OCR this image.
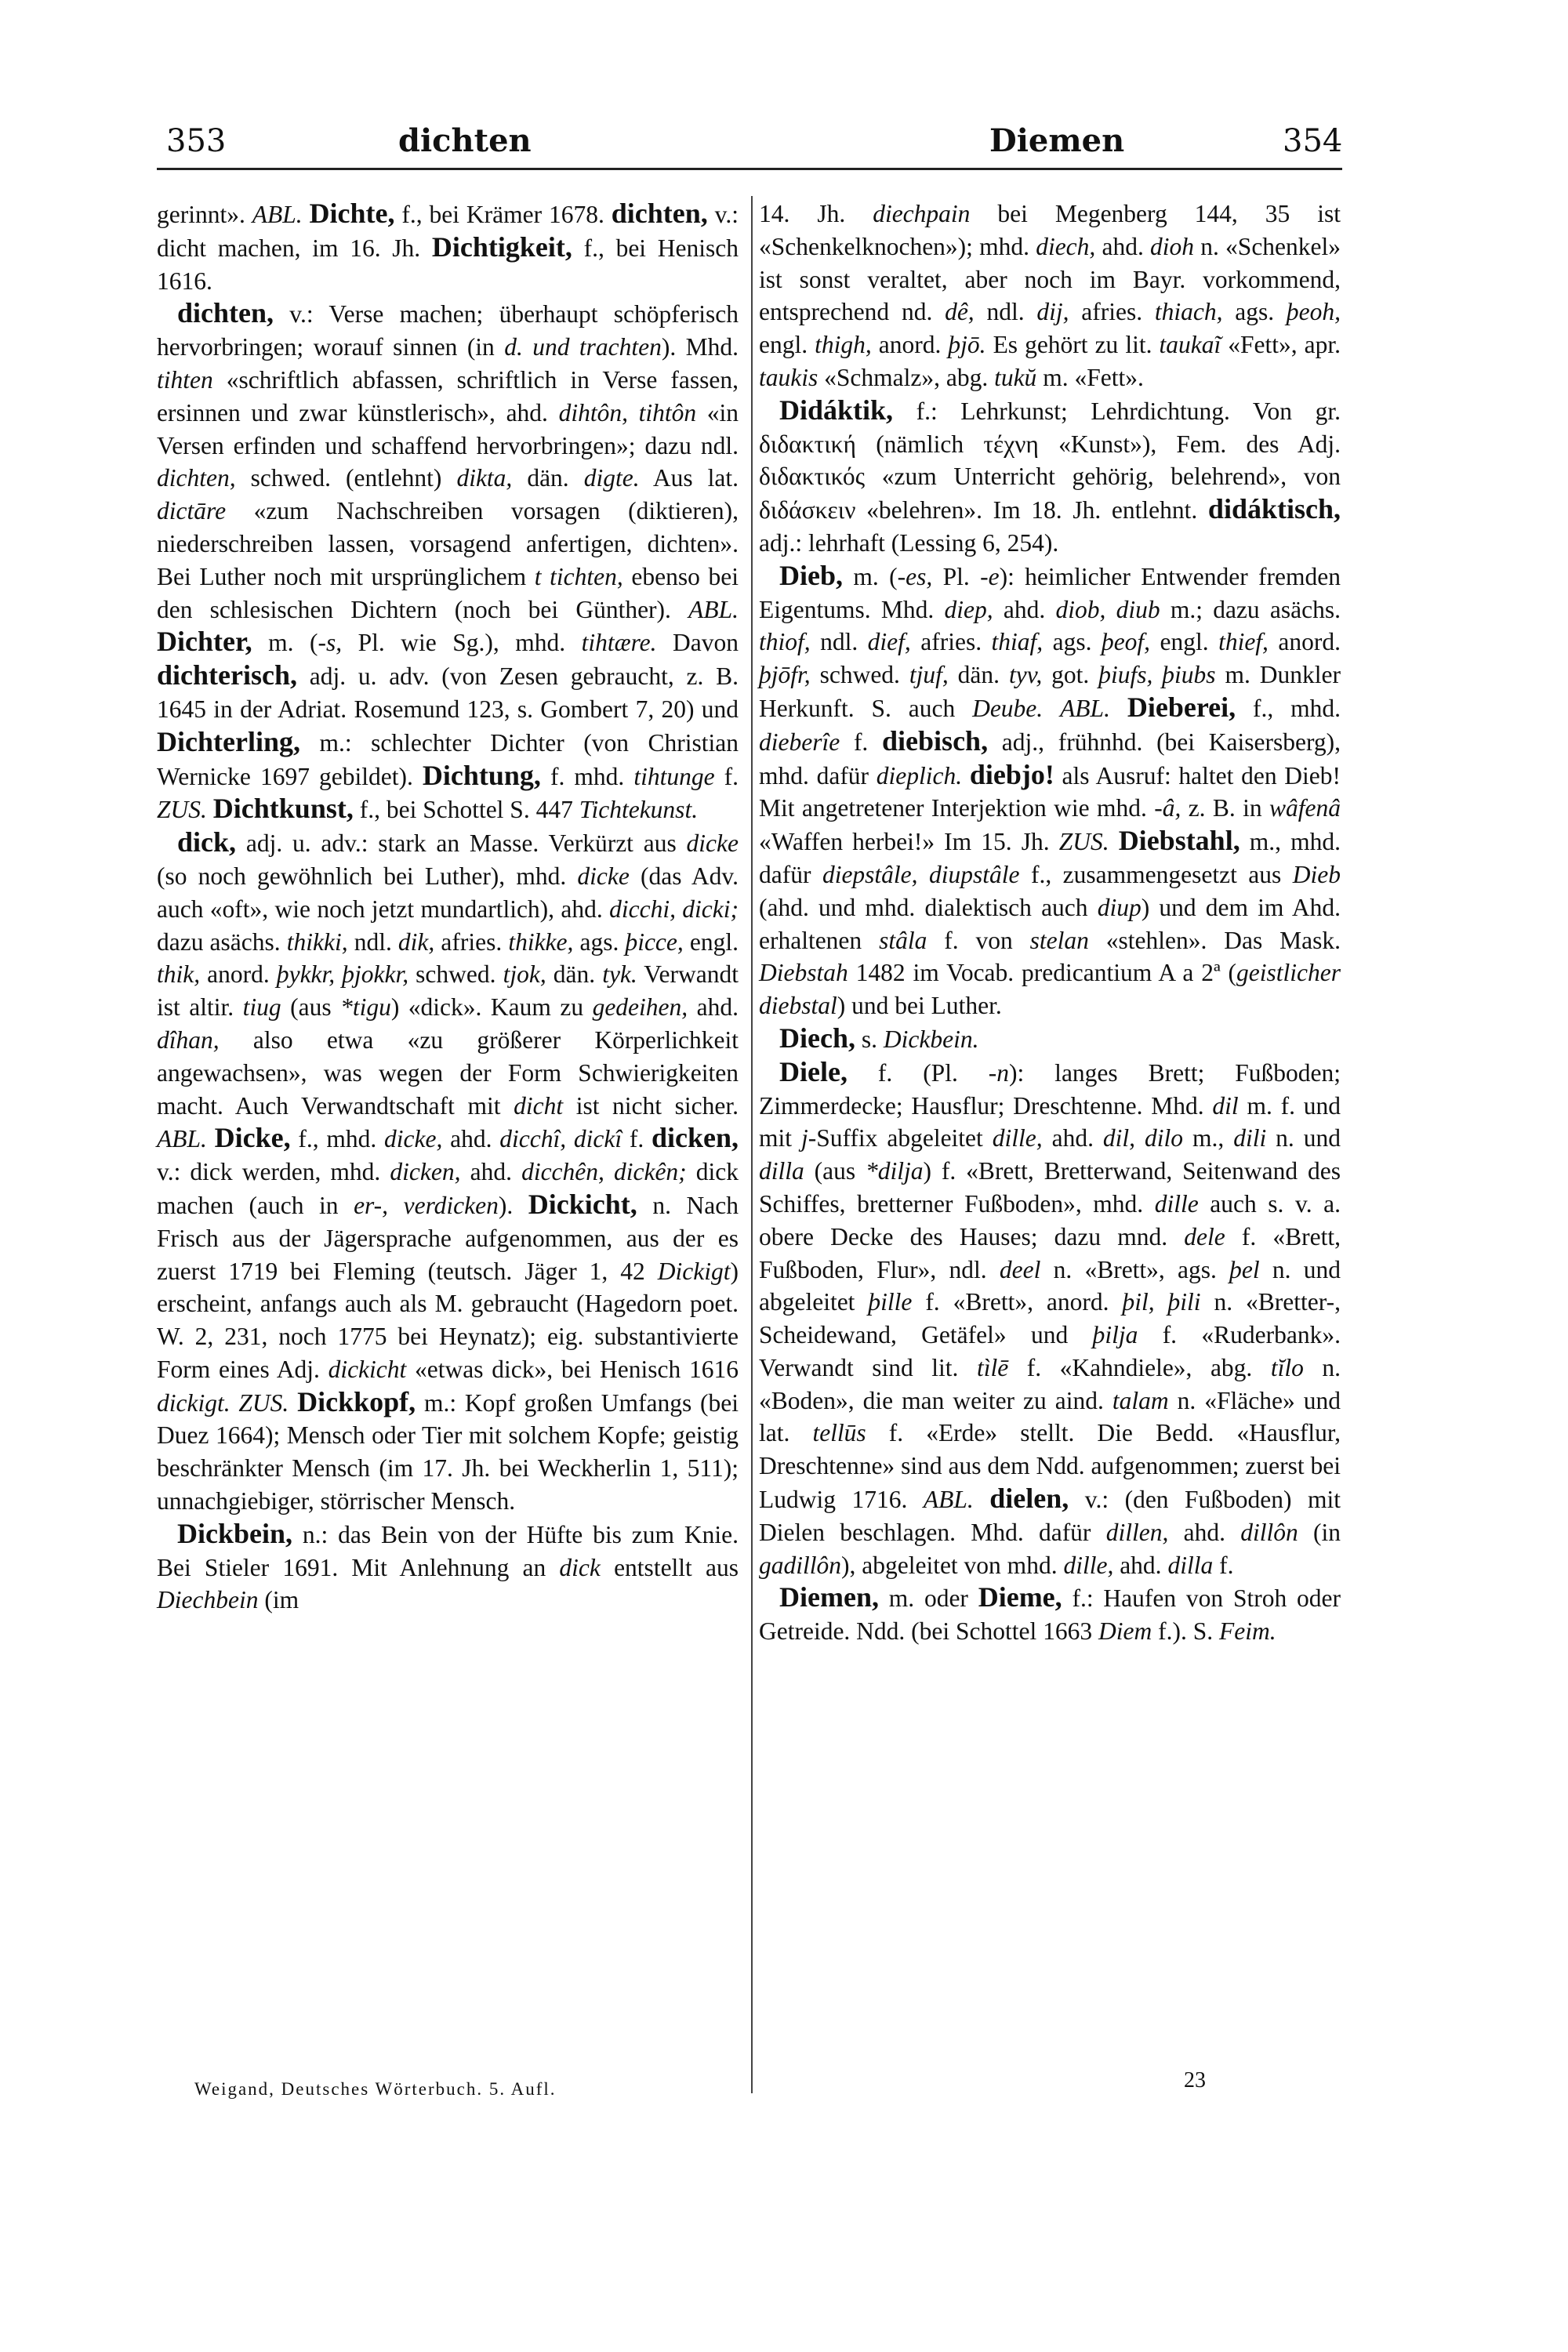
353	dichten	Diemen	354

gerinnt». ABL. Dichte, f., bei Krämer 1678. dichten, v.: dicht machen, im 16. Jh. Dichtigkeit, f., bei Henisch 1616.

dichten, v.: Verse machen; überhaupt schöpferisch hervorbringen; worauf sinnen (in d. und trachten). Mhd. tihten «schriftlich abfassen, schriftlich in Verse fassen, ersinnen und zwar künstlerisch», ahd. dihtôn, tihtôn «in Versen erfinden und schaffend hervorbringen»; dazu ndl. dichten, schwed. (entlehnt) dikta, dän. digte. Aus lat. dictāre «zum Nachschreiben vorsagen (diktieren), niederschreiben lassen, vorsagend anfertigen, dichten». Bei Luther noch mit ursprünglichem t tichten, ebenso bei den schlesischen Dichtern (noch bei Günther). ABL. Dichter, m. (-s, Pl. wie Sg.), mhd. tihtære. Davon dichterisch, adj. u. adv. (von Zesen gebraucht, z. B. 1645 in der Adriat. Rosemund 123, s. Gombert 7, 20) und Dichterling, m.: schlechter Dichter (von Christian Wernicke 1697 gebildet). Dichtung, f. mhd. tihtunge f. ZUS. Dichtkunst, f., bei Schottel S. 447 Tichtekunst.

dick, adj. u. adv.: stark an Masse. Verkürzt aus dicke (so noch gewöhnlich bei Luther), mhd. dicke (das Adv. auch «oft», wie noch jetzt mundartlich), ahd. dicchi, dicki; dazu asächs. thikki, ndl. dik, afries. thikke, ags. þicce, engl. thik, anord. þykkr, þjokkr, schwed. tjok, dän. tyk. Verwandt ist altir. tiug (aus *tigu) «dick». Kaum zu gedeihen, ahd. dîhan, also etwa «zu größerer Körperlichkeit angewachsen», was wegen der Form Schwierigkeiten macht. Auch Verwandtschaft mit dicht ist nicht sicher. ABL. Dicke, f., mhd. dicke, ahd. dicchî, dickî f. dicken, v.: dick werden, mhd. dicken, ahd. dicchên, dickên; dick machen (auch in er-, verdicken). Dickicht, n. Nach Frisch aus der Jägersprache aufgenommen, aus der es zuerst 1719 bei Fleming (teutsch. Jäger 1, 42 Dickigt) erscheint, anfangs auch als M. gebraucht (Hagedorn poet. W. 2, 231, noch 1775 bei Heynatz); eig. substantivierte Form eines Adj. dickicht «etwas dick», bei Henisch 1616 dickigt. ZUS. Dickkopf, m.: Kopf großen Umfangs (bei Duez 1664); Mensch oder Tier mit solchem Kopfe; geistig beschränkter Mensch (im 17. Jh. bei Weckherlin 1, 511); unnachgiebiger, störrischer Mensch.

Dickbein, n.: das Bein von der Hüfte bis zum Knie. Bei Stieler 1691. Mit Anlehnung an dick entstellt aus Diechbein (im

14. Jh. diechpain bei Megenberg 144, 35 ist «Schenkelknochen»); mhd. diech, ahd. dioh n. «Schenkel» ist sonst veraltet, aber noch im Bayr. vorkommend, entsprechend nd. dê, ndl. dij, afries. thiach, ags. þeoh, engl. thigh, anord. þjō. Es gehört zu lit. taukaĩ «Fett», apr. taukis «Schmalz», abg. tukŭ m. «Fett».

Didáktik, f.: Lehrkunst; Lehrdichtung. Von gr. διδακτική (nämlich τέχνη «Kunst»), Fem. des Adj. διδακτικός «zum Unterricht gehörig, belehrend», von διδάσκειν «belehren». Im 18. Jh. entlehnt. didáktisch, adj.: lehrhaft (Lessing 6, 254).

Dieb, m. (-es, Pl. -e): heimlicher Entwender fremden Eigentums. Mhd. diep, ahd. diob, diub m.; dazu asächs. thiof, ndl. dief, afries. thiaf, ags. þeof, engl. thief, anord. þjōfr, schwed. tjuf, dän. tyv, got. þiufs, þiubs m. Dunkler Herkunft. S. auch Deube. ABL. Dieberei, f., mhd. dieberîe f. diebisch, adj., frühnhd. (bei Kaisersberg), mhd. dafür dieplich. diebjo! als Ausruf: haltet den Dieb! Mit angetretener Interjektion wie mhd. -â, z. B. in wâfenâ «Waffen herbei!» Im 15. Jh. ZUS. Diebstahl, m., mhd. dafür diepstâle, diupstâle f., zusammengesetzt aus Dieb (ahd. und mhd. dialektisch auch diup) und dem im Ahd. erhaltenen stâla f. von stelan «stehlen». Das Mask. Diebstah 1482 im Vocab. predicantium A a 2ª (geistlicher diebstal) und bei Luther.

Diech, s. Dickbein.

Diele, f. (Pl. -n): langes Brett; Fußboden; Zimmerdecke; Hausflur; Dreschtenne. Mhd. dil m. f. und mit j-Suffix abgeleitet dille, ahd. dil, dilo m., dili n. und dilla (aus *dilja) f. «Brett, Bretterwand, Seitenwand des Schiffes, bretterner Fußboden», mhd. dille auch s. v. a. obere Decke des Hauses; dazu mnd. dele f. «Brett, Fußboden, Flur», ndl. deel n. «Brett», ags. þel n. und abgeleitet þille f. «Brett», anord. þil, þili n. «Bretter-, Scheidewand, Getäfel» und þilja f. «Ruderbank». Verwandt sind lit. tìlē f. «Kahndiele», abg. tĭlo n. «Boden», die man weiter zu aind. talam n. «Fläche» und lat. tellūs f. «Erde» stellt. Die Bedd. «Hausflur, Dreschtenne» sind aus dem Ndd. aufgenommen; zuerst bei Ludwig 1716. ABL. dielen, v.: (den Fußboden) mit Dielen beschlagen. Mhd. dafür dillen, ahd. dillôn (in gadillôn), abgeleitet von mhd. dille, ahd. dilla f.

Diemen, m. oder Dieme, f.: Haufen von Stroh oder Getreide. Ndd. (bei Schottel 1663 Diem f.). S. Feim.

Weigand, Deutsches Wörterbuch. 5. Aufl.	23
